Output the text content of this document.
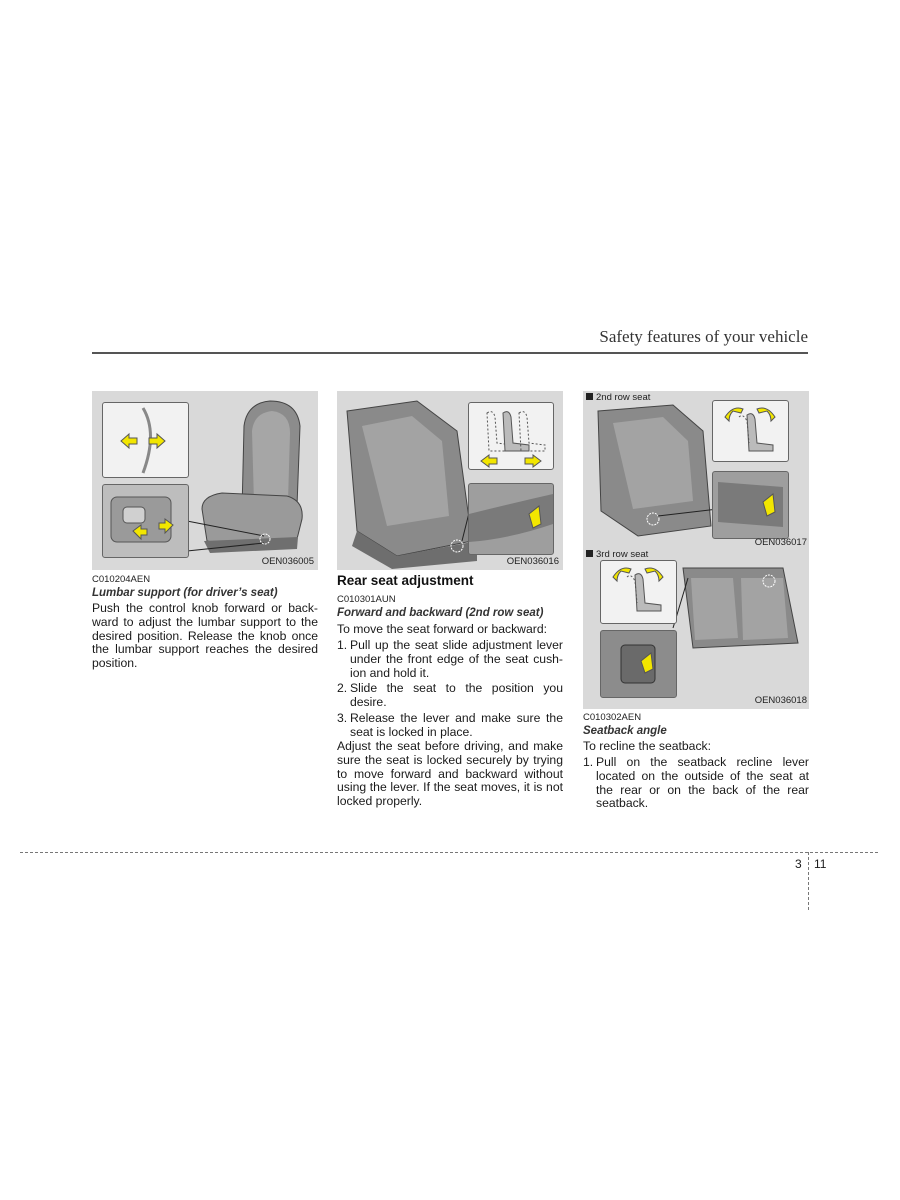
Safety features of your vehicle
OEN036005
C010204AEN
Lumbar support (for driver’s seat)
Push the control knob forward or back-ward to adjust the lumbar support to the desired position. Release the knob once the lumbar support reaches the desired position.
OEN036016
Rear seat adjustment
C010301AUN
Forward and backward (2nd row seat)
To move the seat forward or backward:
1. Pull up the seat slide adjustment lever under the front edge of the seat cush-ion and hold it.
2. Slide the seat to the position you desire.
3. Release the lever and make sure the seat is locked in place.
Adjust the seat before driving, and make sure the seat is locked securely by trying to move forward and backward without using the lever. If the seat moves, it is not locked properly.
2nd row seat
OEN036017
3rd row seat
OEN036018
C010302AEN
Seatback angle
To recline the seatback:
1. Pull on the seatback recline lever located on the outside of the seat at the rear or on the back of the rear seatback.
3 11
